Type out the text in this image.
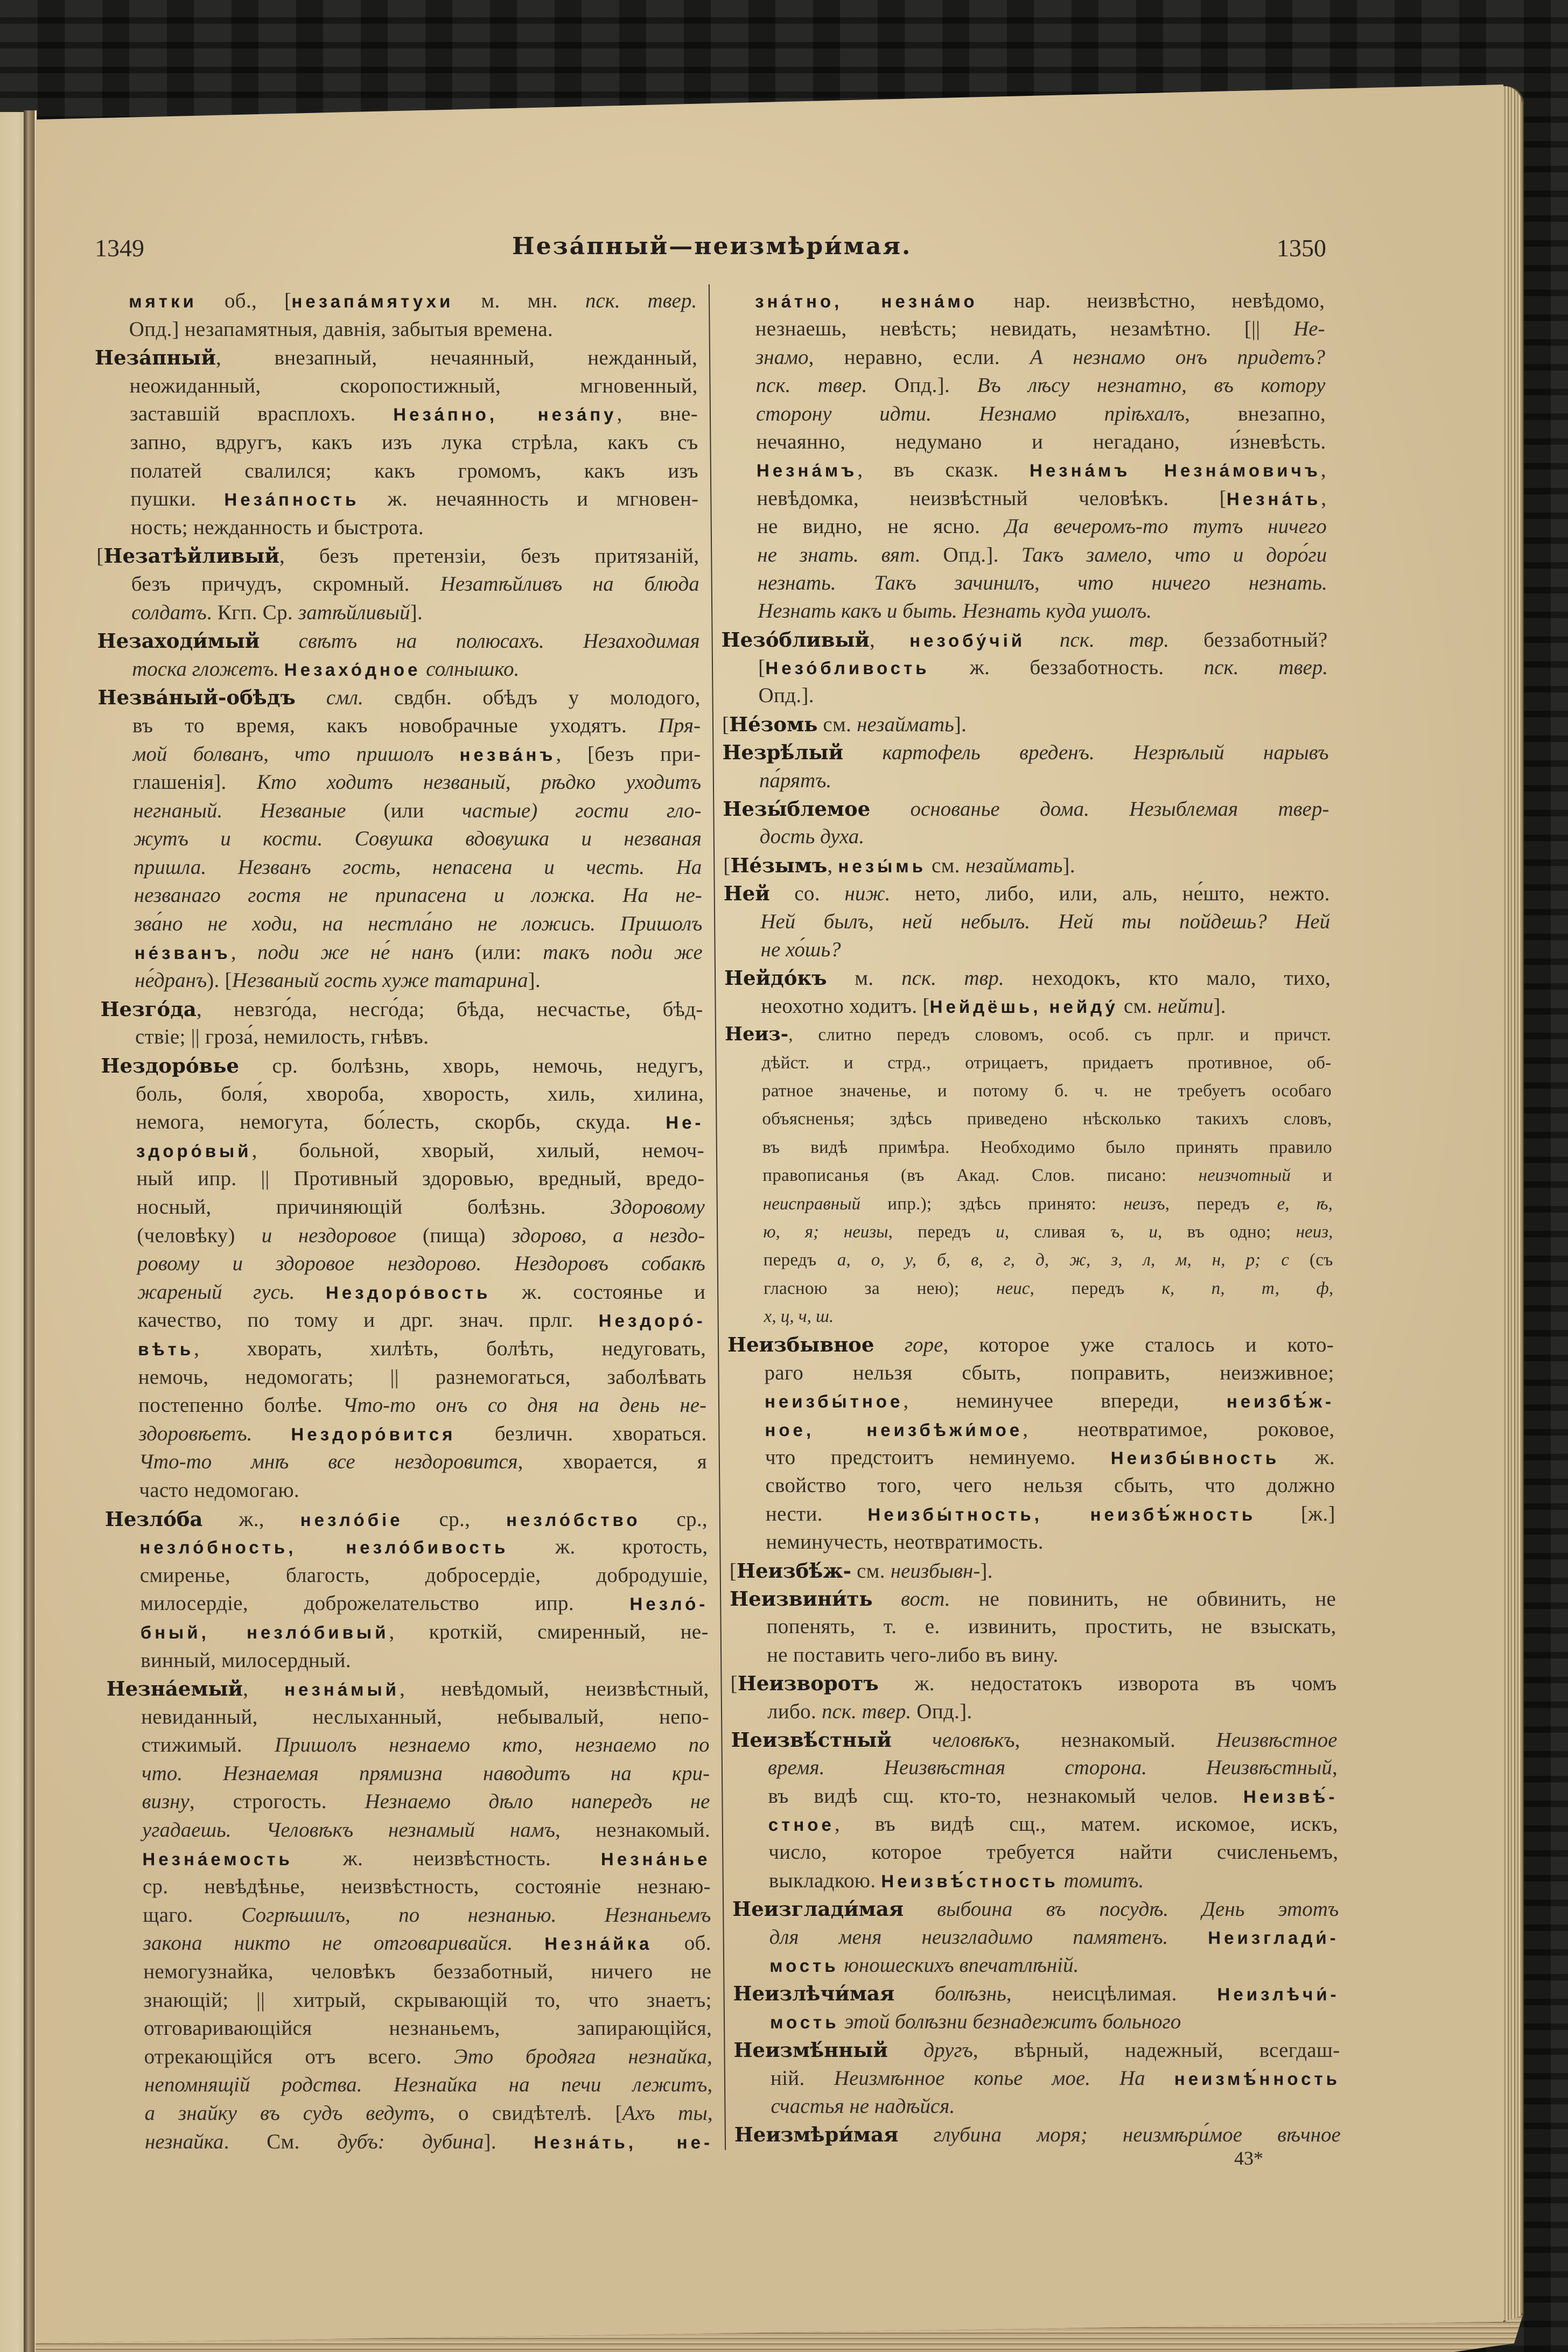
1349	Неза́пный—неизмѣри́мая.	1350
мятки об., [незапа́мятухи м. мн. пск. твер.
Опд.] незапамятныя, давнія, забытыя времена.
Неза́пный, внезапный, нечаянный, нежданный,
неожиданный, скоропостижный, мгновенный,
заставшій врасплохъ. Неза́пно, неза́пу, вне-
запно, вдругъ, какъ изъ лука стрѣла, какъ съ
полатей свалился; какъ громомъ, какъ изъ
пушки. Неза́пность ж. нечаянность и мгновен-
ность; нежданность и быстрота.
[Незатѣйливый, безъ претензіи, безъ притязаній,
безъ причудъ, скромный. Незатѣйливъ на блюда
солдатъ. Кгп. Ср. затѣйливый].
Незаходи́мый свѣтъ на полюсахъ. Незаходимая
тоска гложетъ. Незахо́дное солнышко.
Незва́ный-обѣдъ смл. свдбн. обѣдъ у молодого,
въ то время, какъ новобрачные уходятъ. Пря-
мой болванъ, что пришолъ незва́нъ, [безъ при-
глашенія]. Кто ходитъ незваный, рѣдко уходитъ
негнаный. Незваные (или частые) гости гло-
жутъ и кости. Совушка вдовушка и незваная
пришла. Незванъ гость, непасена и честь. На
незванаго гостя не припасена и ложка. На не-
зва́но не ходи, на нестла́но не ложись. Пришолъ
не́званъ, поди же не́ нанъ (или: такъ поди же
не́дранъ). [Незваный гость хуже татарина].
Незго́да, невзго́да, несго́да; бѣда, несчастье, бѣд-
ствіе; || гроза́, немилость, гнѣвъ.
Нездоро́вье ср. болѣзнь, хворь, немочь, недугъ,
боль, боля́, хвороба, хворость, хиль, хилина,
немога, немогута, бо́лесть, скорбь, скуда. Не-
здоро́вый, больной, хворый, хилый, немоч-
ный ипр. || Противный здоровью, вредный, вредо-
носный, причиняющій болѣзнь. Здоровому
(человѣку) и нездоровое (пища) здорово, а нездо-
ровому и здоровое нездорово. Нездоровъ собакѣ
жареный гусь. Нездоро́вость ж. состоянье и
качество, по тому и дрг. знач. прлг. Нездоро́-
вѣть, хворать, хилѣть, болѣть, недуговать,
немочь, недомогать; || разнемогаться, заболѣвать
постепенно болѣе. Что-то онъ со дня на день не-
здоровѣетъ. Нездоро́вится безличн. хвораться.
Что-то мнѣ все нездоровится, хворается, я
часто недомогаю.
Незло́ба ж., незло́біе ср., незло́бство ср.,
незло́бность, незло́бивость ж. кротость,
смиренье, благость, добросердіе, добродушіе,
милосердіе, доброжелательство ипр. Незло́-
бный, незло́бивый, кроткій, смиренный, не-
винный, милосердный.
Незна́емый, незна́мый, невѣдомый, неизвѣстный,
невиданный, неслыханный, небывалый, непо-
стижимый. Пришолъ незнаемо кто, незнаемо по
что. Незнаемая прямизна наводитъ на кри-
визну, строгость. Незнаемо дѣло напередъ не
угадаешь. Человѣкъ незнамый намъ, незнакомый.
Незна́емость ж. неизвѣстность. Незна́нье
ср. невѣдѣнье, неизвѣстность, состояніе незнаю-
щаго. Согрѣшилъ, по незнанью. Незнаньемъ
закона никто не отговаривайся. Незна́йка об.
немогузнайка, человѣкъ беззаботный, ничего не
знающій; || хитрый, скрывающій то, что знаетъ;
отговаривающійся незнаньемъ, запирающійся,
отрекающійся отъ всего. Это бродяга незнайка,
непомнящій родства. Незнайка на печи лежитъ,
а знайку въ судъ ведутъ, о свидѣтелѣ. [Ахъ ты,
незнайка. См. дубъ: дубина]. Незна́ть, не-
зна́тно, незна́мо нар. неизвѣстно, невѣдомо,
незнаешь, невѣсть; невидать, незамѣтно. [|| Не-
знамо, неравно, если. А незнамо онъ придетъ?
пск. твер. Опд.]. Въ лѣсу незнатно, въ котору
сторону идти. Незнамо пріѣхалъ, внезапно,
нечаянно, недумано и негадано, и́зневѣсть.
Незна́мъ, въ сказк. Незна́мъ Незна́мовичъ,
невѣдомка, неизвѣстный человѣкъ. [Незна́ть,
не видно, не ясно. Да вечеромъ-то тутъ ничего
не знать. вят. Опд.]. Такъ замело, что и доро́ги
незнать. Такъ зачинилъ, что ничего незнать.
Незнать какъ и быть. Незнать куда ушолъ.
Незо́бливый, незобу́чій пск. твр. беззаботный?
[Незо́бливость ж. беззаботность. пск. твер.
Опд.].
[Не́зомь см. незаймать].
Незрѣ́лый картофель вреденъ. Незрѣлый нарывъ
па́рятъ.
Незы́блемое основанье дома. Незыблемая твер-
дость духа.
[Не́зымъ, незы́мь см. незаймать].
Ней со. ниж. нето, либо, или, аль, не́што, нежто.
Ней былъ, ней небылъ. Ней ты пойдешь? Ней
не хо́шь?
Нейдо́къ м. пск. твр. неходокъ, кто мало, тихо,
неохотно ходитъ. [Нейдёшь, нейду́ см. нейти].
Неиз-, слитно передъ словомъ, особ. съ прлг. и причст.
дѣйст. и стрд., отрицаетъ, придаетъ противное, об-
ратное значенье, и потому б. ч. не требуетъ особаго
объясненья; здѣсь приведено нѣсколько такихъ словъ,
въ видѣ примѣра. Необходимо было принять правило
правописанья (въ Акад. Слов. писано: неизчотный и
неисправный ипр.); здѣсь принято: неизъ, передъ е, ѣ,
ю, я; неизы, передъ и, сливая ъ, и, въ одно; неиз,
передъ а, о, у, б, в, г, д, ж, з, л, м, н, р; с (съ
гласною за нею); неис, передъ к, п, т, ф,
х, ц, ч, ш.
Неизбывное горе, которое уже сталось и кото-
раго нельзя сбыть, поправить, неизживное;
неизбы́тное, неминучее впереди, неизбѣ́ж-
ное, неизбѣжи́мое, неотвратимое, роковое,
что предстоитъ неминуемо. Неизбы́вность ж.
свойство того, чего нельзя сбыть, что должно
нести. Неизбы́тность, неизбѣ́жность [ж.]
неминучесть, неотвратимость.
[Неизбѣ́ж- см. неизбывн-].
Неизвини́ть вост. не повинить, не обвинить, не
попенять, т. е. извинить, простить, не взыскать,
не поставить чего-либо въ вину.
[Неизворотъ ж. недостатокъ изворота въ чомъ
либо. пск. твер. Опд.].
Неизвѣ́стный человѣкъ, незнакомый. Неизвѣстное
время. Неизвѣстная сторона. Неизвѣстный,
въ видѣ сщ. кто-то, незнакомый челов. Неизвѣ́-
стное, въ видѣ сщ., матем. искомое, искъ,
число, которое требуется найти счисленьемъ,
выкладкою. Неизвѣ́стность томитъ.
Неизглади́мая выбоина въ посудѣ. День этотъ
для меня неизгладимо памятенъ. Неизглади́-
мость юношескихъ впечатлѣній.
Неизлѣчи́мая болѣзнь, неисцѣлимая. Неизлѣчи́-
мость этой болѣзни безнадежитъ больного
Неизмѣ́нный другъ, вѣрный, надежный, всегдаш-
ній. Неизмѣнное копье мое. На неизмѣ́нность
счастья не надѣйся.
Неизмѣри́мая глубина моря; неизмѣри́мое вѣчное
43*
